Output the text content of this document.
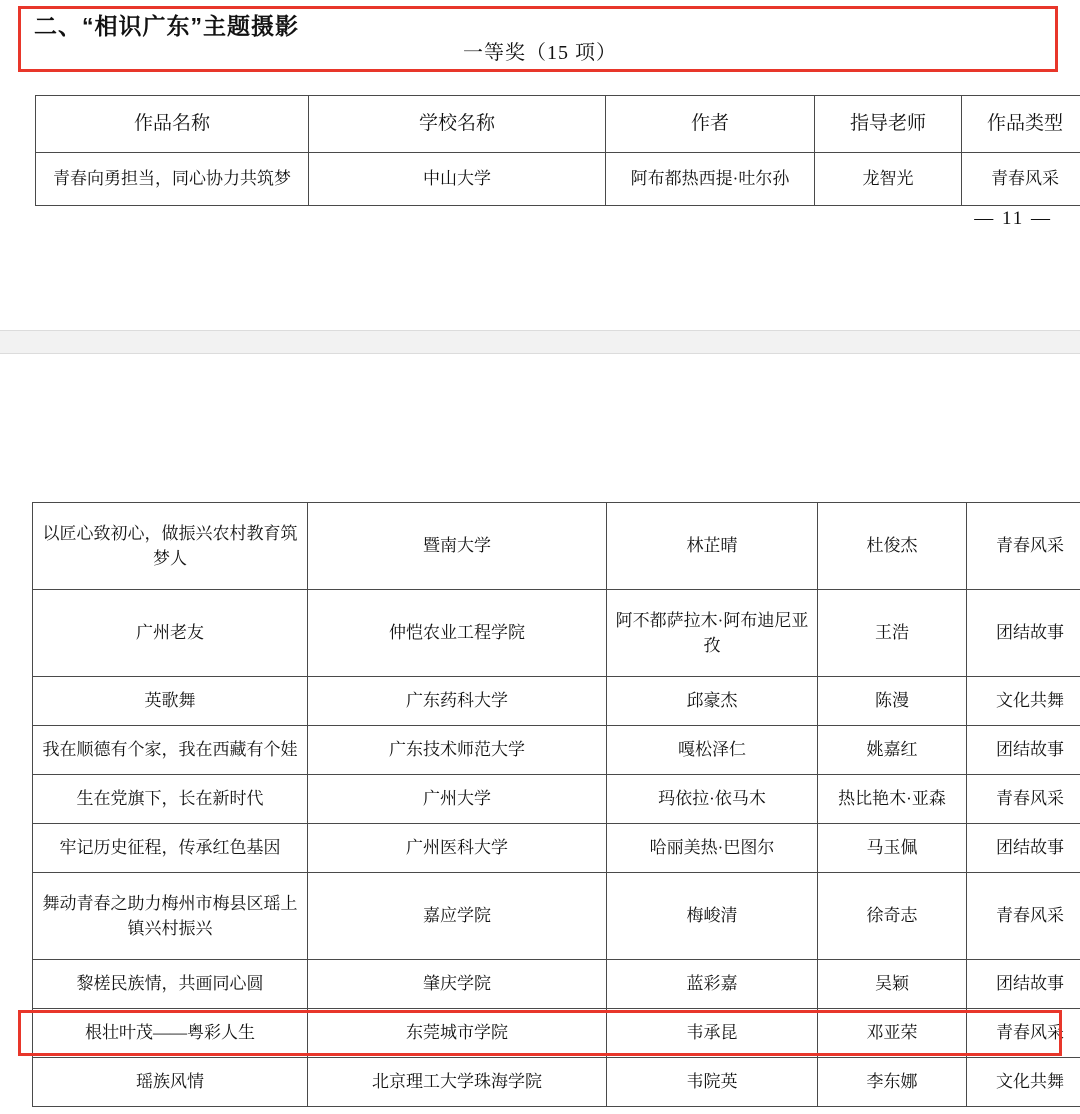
二、“相识广东”主题摄影
一等奖（15 项）
作品名称	学校名称	作者	指导老师	作品类型
青春向勇担当，同心协力共筑梦	中山大学	阿布都热西提·吐尔孙	龙智光	青春风采
— 11 —
以匠心致初心，做振兴农村教育筑梦人	暨南大学	林芷晴	杜俊杰	青春风采
广州老友	仲恺农业工程学院	阿不都萨拉木·阿布迪尼亚孜	王浩	团结故事
英歌舞	广东药科大学	邱豪杰	陈漫	文化共舞
我在顺德有个家，我在西藏有个娃	广东技术师范大学	嘎松泽仁	姚嘉红	团结故事
生在党旗下，长在新时代	广州大学	玛依拉·依马木	热比艳木·亚森	青春风采
牢记历史征程，传承红色基因	广州医科大学	哈丽美热·巴图尔	马玉佩	团结故事
舞动青春之助力梅州市梅县区瑶上镇兴村振兴	嘉应学院	梅峻清	徐奇志	青春风采
黎槎民族情，共画同心圆	肇庆学院	蓝彩嘉	吴颖	团结故事
根壮叶茂——粤彩人生	东莞城市学院	韦承昆	邓亚荣	青春风采
瑶族风情	北京理工大学珠海学院	韦院英	李东娜	文化共舞
